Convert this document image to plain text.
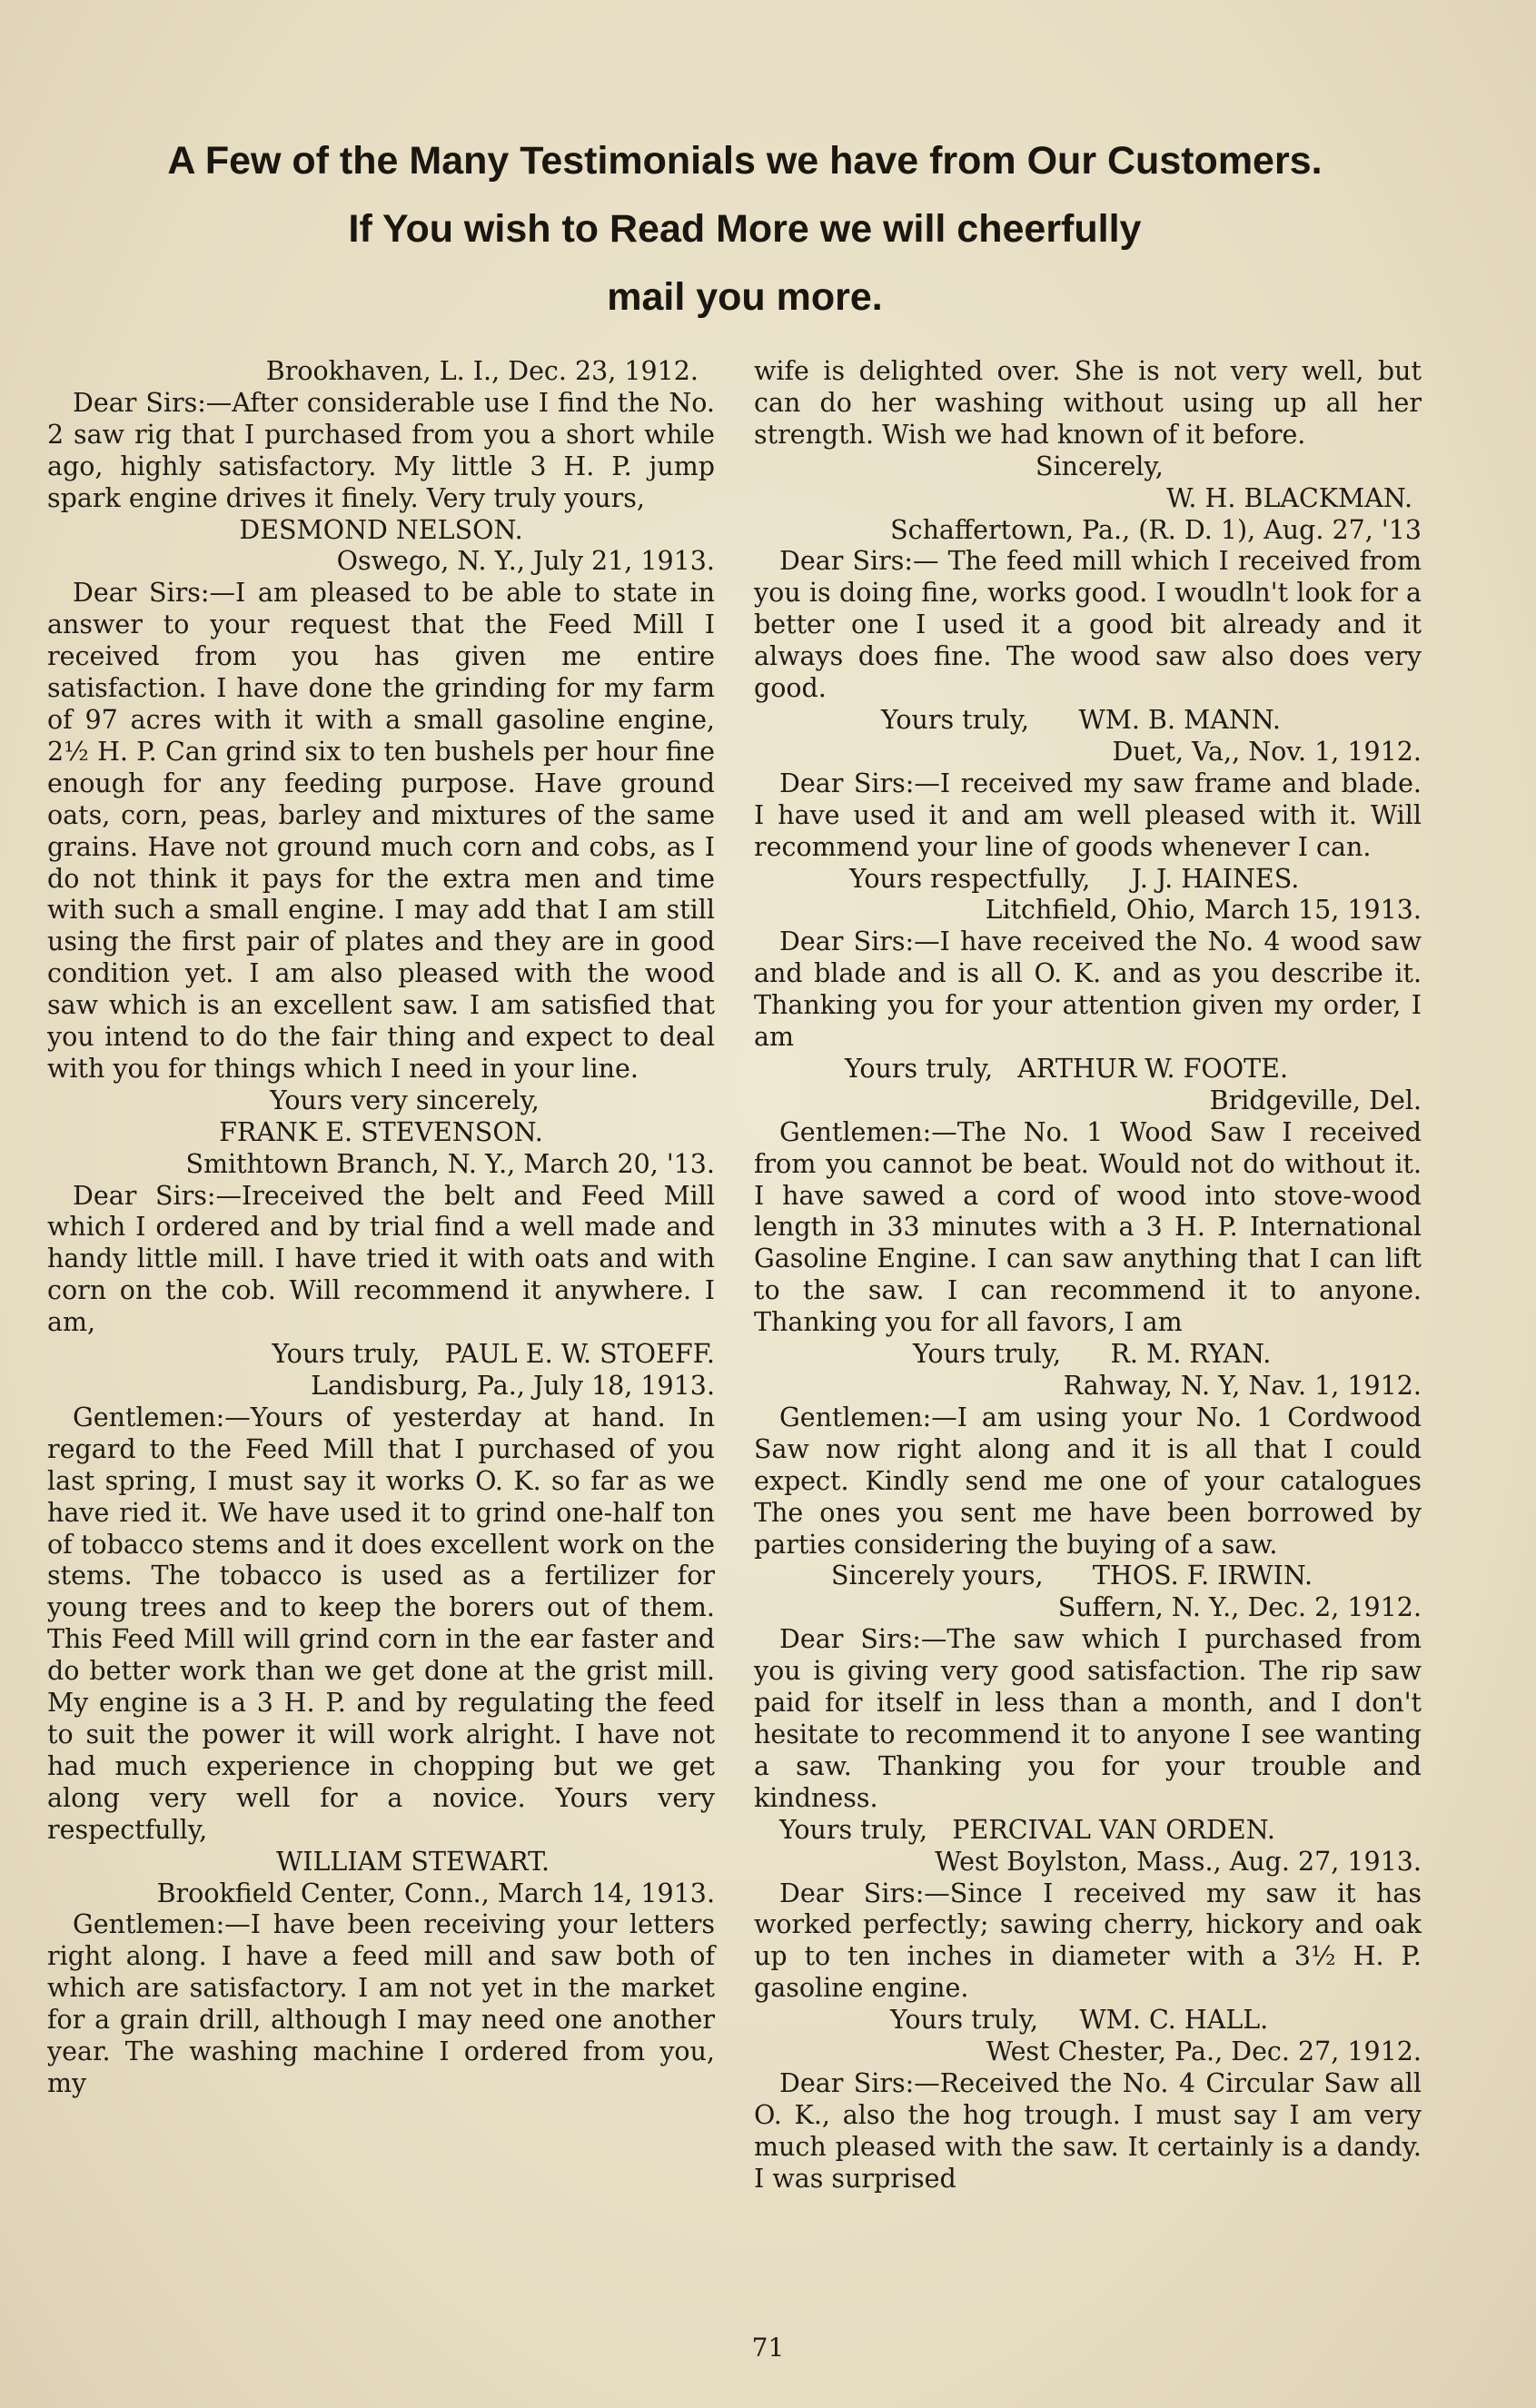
A Few of the Many Testimonials we have from Our Customers.
If You wish to Read More we will cheerfully
mail you more.
Brookhaven, L. I., Dec. 23, 1912.

Dear Sirs:—After considerable use I find the No. 2 saw rig that I purchased from you a short while ago, highly satisfactory. My little 3 H. P. jump spark engine drives it finely. Very truly yours,

DESMOND NELSON.
Oswego, N. Y., July 21, 1913.

Dear Sirs:—I am pleased to be able to state in answer to your request that the Feed Mill I received from you has given me entire satisfaction. I have done the grinding for my farm of 97 acres with it with a small gasoline engine, 2½ H. P. Can grind six to ten bushels per hour fine enough for any feeding purpose. Have ground oats, corn, peas, barley and mixtures of the same grains. Have not ground much corn and cobs, as I do not think it pays for the extra men and time with such a small engine. I may add that I am still using the first pair of plates and they are in good condition yet. I am also pleased with the wood saw which is an excellent saw. I am satisfied that you intend to do the fair thing and expect to deal with you for things which I need in your line.

Yours very sincerely,
FRANK E. STEVENSON.
Smithtown Branch, N. Y., March 20, '13.

Dear Sirs:—Ireceived the belt and Feed Mill which I ordered and by trial find a well made and handy little mill. I have tried it with oats and with corn on the cob. Will recommend it anywhere. I am,

Yours truly, PAUL E. W. STOEFF.
Landisburg, Pa., July 18, 1913.

Gentlemen:—Yours of yesterday at hand. In regard to the Feed Mill that I purchased of you last spring, I must say it works O. K. so far as we have ried it. We have used it to grind one-half ton of tobacco stems and it does excellent work on the stems. The tobacco is used as a fertilizer for young trees and to keep the borers out of them. This Feed Mill will grind corn in the ear faster and do better work than we get done at the grist mill. My engine is a 3 H. P. and by regulating the feed to suit the power it will work alright. I have not had much experience in chopping but we get along very well for a novice. Yours very respectfully,

WILLIAM STEWART.
Brookfield Center, Conn., March 14, 1913.

Gentlemen:—I have been receiving your letters right along. I have a feed mill and saw both of which are satisfactory. I am not yet in the market for a grain drill, although I may need one another year. The washing machine I ordered from you, my

wife is delighted over. She is not very well, but can do her washing without using up all her strength. Wish we had known of it before.

Sincerely,
W. H. BLACKMAN.
Schaffertown, Pa., (R. D. 1), Aug. 27, '13

Dear Sirs:— The feed mill which I received from you is doing fine, works good. I woudln't look for a better one I used it a good bit already and it always does fine. The wood saw also does very good.

Yours truly, WM. B. MANN.
Duet, Va,, Nov. 1, 1912.

Dear Sirs:—I received my saw frame and blade. I have used it and am well pleased with it. Will recommend your line of goods whenever I can.

Yours respectfully, J. J. HAINES.
Litchfield, Ohio, March 15, 1913.

Dear Sirs:—I have received the No. 4 wood saw and blade and is all O. K. and as you describe it. Thanking you for your attention given my order, I am

Yours truly, ARTHUR W. FOOTE.
Bridgeville, Del.

Gentlemen:—The No. 1 Wood Saw I received from you cannot be beat. Would not do without it. I have sawed a cord of wood into stove-wood length in 33 minutes with a 3 H. P. International Gasoline Engine. I can saw anything that I can lift to the saw. I can recommend it to anyone. Thanking you for all favors, I am

Yours truly, R. M. RYAN.
Rahway, N. Y, Nav. 1, 1912.

Gentlemen:—I am using your No. 1 Cordwood Saw now right along and it is all that I could expect. Kindly send me one of your catalogues The ones you sent me have been borrowed by parties considering the buying of a saw.

Sincerely yours, THOS. F. IRWIN.
Suffern, N. Y., Dec. 2, 1912.

Dear Sirs:—The saw which I purchased from you is giving very good satisfaction. The rip saw paid for itself in less than a month, and I don't hesitate to recommend it to anyone I see wanting a saw. Thanking you for your trouble and kindness.

Yours truly, PERCIVAL VAN ORDEN.
West Boylston, Mass., Aug. 27, 1913.

Dear Sirs:—Since I received my saw it has worked perfectly; sawing cherry, hickory and oak up to ten inches in diameter with a 3½ H. P. gasoline engine.

Yours truly, WM. C. HALL.
West Chester, Pa., Dec. 27, 1912.

Dear Sirs:—Received the No. 4 Circular Saw all O. K., also the hog trough. I must say I am very much pleased with the saw. It certainly is a dandy. I was surprised

71
